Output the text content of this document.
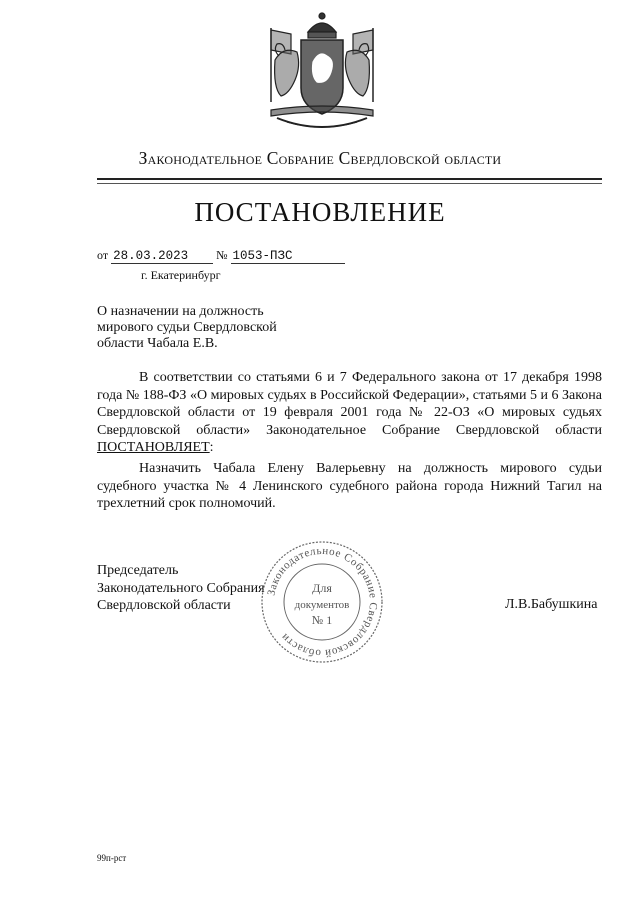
Законодательное Собрание Свердловской области
ПОСТАНОВЛЕНИЕ
от 28.03.2023 № 1053-ПЗС
г. Екатеринбург
О назначении на должность
мирового судьи Свердловской
области Чабала Е.В.
В соответствии со статьями 6 и 7 Федерального закона от 17 декабря 1998 года № 188-ФЗ «О мировых судьях в Российской Федерации», статьями 5 и 6 Закона Свердловской области от 19 февраля 2001 года № 22-ОЗ «О мировых судьях Свердловской области» Законодательное Собрание Свердловской области ПОСТАНОВЛЯЕТ:
Назначить Чабала Елену Валерьевну на должность мирового судьи судебного участка № 4 Ленинского судебного района города Нижний Тагил на трехлетний срок полномочий.
Председатель
Законодательного Собрания
Свердловской области
Законодательное Собрание Свердловской области
Для
документов
№ 1
Л.В.Бабушкина
99п-рст
